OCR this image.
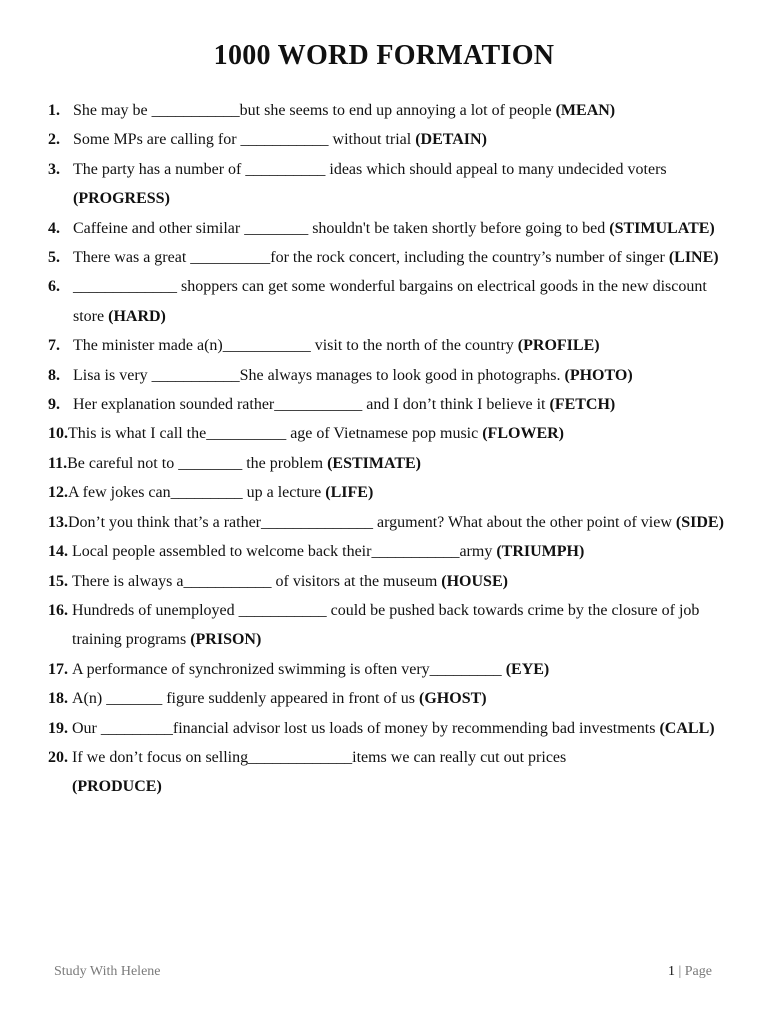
1000 WORD FORMATION
1. She may be ___________but she seems to end up annoying a lot of people (MEAN)
2. Some MPs are calling for ___________ without trial (DETAIN)
3. The party has a number of __________ ideas which should appeal to many undecided voters (PROGRESS)
4. Caffeine and other similar ________ shouldn't be taken shortly before going to bed (STIMULATE)
5. There was a great __________for the rock concert, including the country’s number of singer (LINE)
6. _____________ shoppers can get some wonderful bargains on electrical goods in the new discount store (HARD)
7. The minister made a(n)___________ visit to the north of the country (PROFILE)
8. Lisa is very ___________She always manages to look good in photographs. (PHOTO)
9. Her explanation sounded rather___________ and I don’t think I believe it (FETCH)
10. This is what I call the__________ age of Vietnamese pop music (FLOWER)
11. Be careful not to ________ the problem (ESTIMATE)
12. A few jokes can_________ up a lecture (LIFE)
13. Don’t you think that’s a rather______________ argument? What about the other point of view (SIDE)
14. Local people assembled to welcome back their___________army (TRIUMPH)
15. There is always a___________ of visitors at the museum (HOUSE)
16. Hundreds of unemployed ___________ could be pushed back towards crime by the closure of job training programs (PRISON)
17. A performance of synchronized swimming is often very_________ (EYE)
18. A(n) _______ figure suddenly appeared in front of us (GHOST)
19. Our _________financial advisor lost us loads of money by recommending bad investments (CALL)
20. If we don’t focus on selling_____________items we can really cut out prices
(PRODUCE)
Study With Helene	1 | Page
